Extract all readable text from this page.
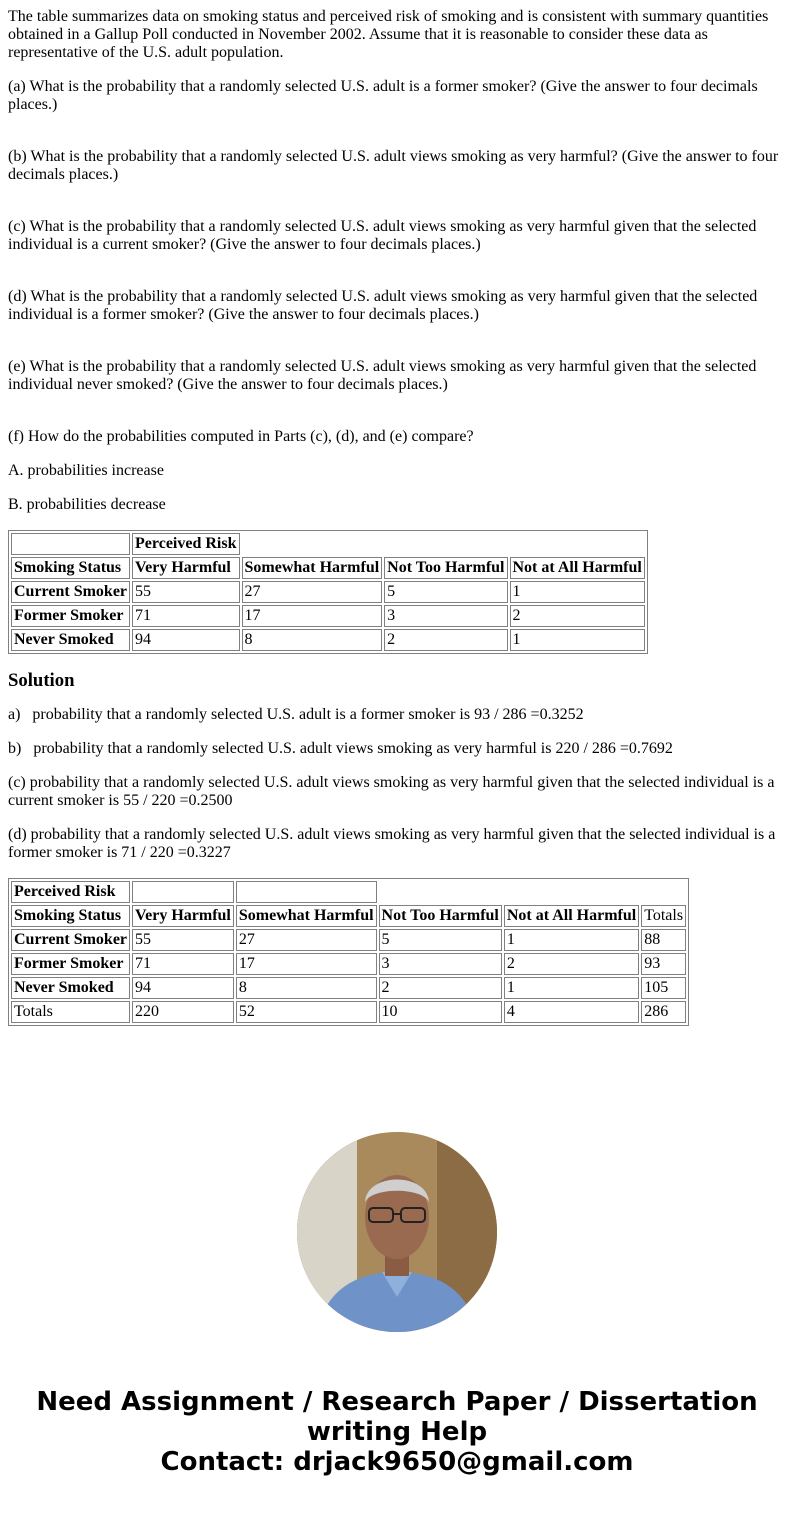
The table summarizes data on smoking status and perceived risk of smoking and is consistent with summary quantities obtained in a Gallup Poll conducted in November 2002. Assume that it is reasonable to consider these data as representative of the U.S. adult population.

(a) What is the probability that a randomly selected U.S. adult is a former smoker? (Give the answer to four decimals places.)

(b) What is the probability that a randomly selected U.S. adult views smoking as very harmful? (Give the answer to four decimals places.)

(c) What is the probability that a randomly selected U.S. adult views smoking as very harmful given that the selected individual is a current smoker? (Give the answer to four decimals places.)

(d) What is the probability that a randomly selected U.S. adult views smoking as very harmful given that the selected individual is a former smoker? (Give the answer to four decimals places.)

(e) What is the probability that a randomly selected U.S. adult views smoking as very harmful given that the selected individual never smoked? (Give the answer to four decimals places.)

(f) How do the probabilities computed in Parts (c), (d), and (e) compare?

A. probabilities increase

B. probabilities decrease

	Perceived Risk			
Smoking Status	Very Harmful	Somewhat Harmful	Not Too Harmful	Not at All Harmful
Current Smoker	55	27	5	1
Former Smoker	71	17	3	2
Never Smoked	94	8	2	1
Solution

a)   probability that a randomly selected U.S. adult is a former smoker is 93 / 286 =0.3252

b)   probability that a randomly selected U.S. adult views smoking as very harmful is 220 / 286 =0.7692

(c) probability that a randomly selected U.S. adult views smoking as very harmful given that the selected individual is a current smoker is 55 / 220 =0.2500

(d) probability that a randomly selected U.S. adult views smoking as very harmful given that the selected individual is a former smoker is 71 / 220 =0.3227

Perceived Risk					
Smoking Status	Very Harmful	Somewhat Harmful	Not Too Harmful	Not at All Harmful	Totals
Current Smoker	55	27	5	1	88
Former Smoker	71	17	3	2	93
Never Smoked	94	8	2	1	105
Totals	220	52	10	4	286
Need Assignment / Research Paper / Dissertation writing Help
Contact: drjack9650@gmail.com
